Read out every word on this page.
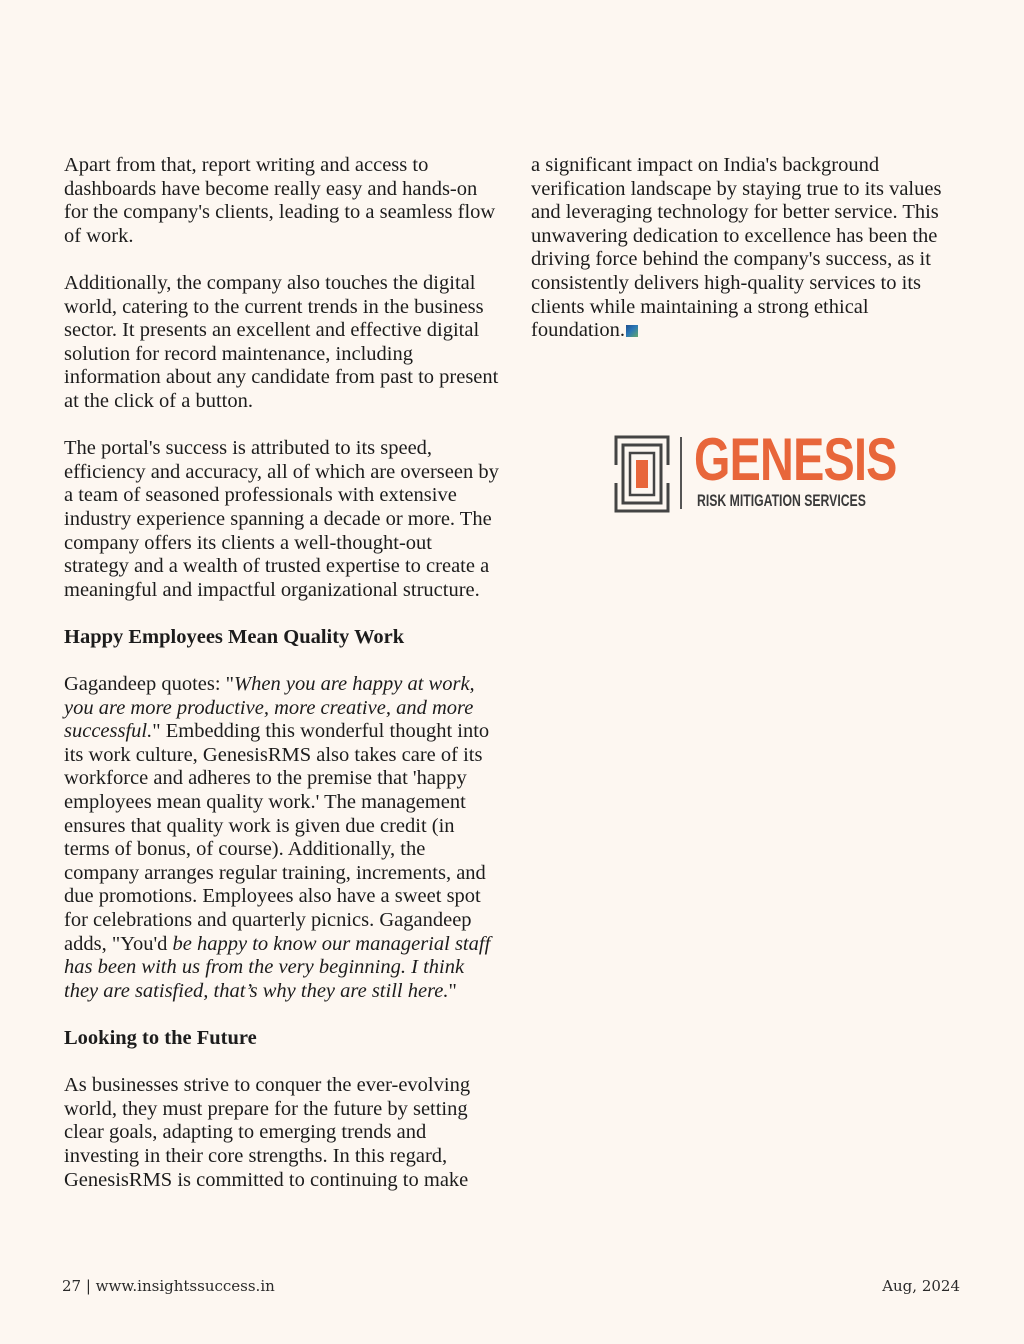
Apart from that, report writing and access to dashboards have become really easy and hands-on for the company's clients, leading to a seamless flow of work.

Additionally, the company also touches the digital world, catering to the current trends in the business sector. It presents an excellent and effective digital solution for record maintenance, including information about any candidate from past to present at the click of a button.

The portal's success is attributed to its speed, efficiency and accuracy, all of which are overseen by a team of seasoned professionals with extensive industry experience spanning a decade or more. The company offers its clients a well-thought-out strategy and a wealth of trusted expertise to create a meaningful and impactful organizational structure.

Happy Employees Mean Quality Work

Gagandeep quotes: "When you are happy at work, you are more productive, more creative, and more successful." Embedding this wonderful thought into its work culture, GenesisRMS also takes care of its workforce and adheres to the premise that 'happy employees mean quality work.' The management ensures that quality work is given due credit (in terms of bonus, of course). Additionally, the company arranges regular training, increments, and due promotions. Employees also have a sweet spot for celebrations and quarterly picnics. Gagandeep adds, "You'd be happy to know our managerial staff has been with us from the very beginning. I think they are satisfied, that’s why they are still here."

Looking to the Future

As businesses strive to conquer the ever-evolving world, they must prepare for the future by setting clear goals, adapting to emerging trends and investing in their core strengths. In this regard, GenesisRMS is committed to continuing to make

a significant impact on India's background verification landscape by staying true to its values and leveraging technology for better service. This unwavering dedication to excellence has been the driving force behind the company's success, as it consistently delivers high-quality services to its clients while maintaining a strong ethical foundation.

GENESIS
RISK MITIGATION SERVICES
27 | www.insightssuccess.in	Aug, 2024
